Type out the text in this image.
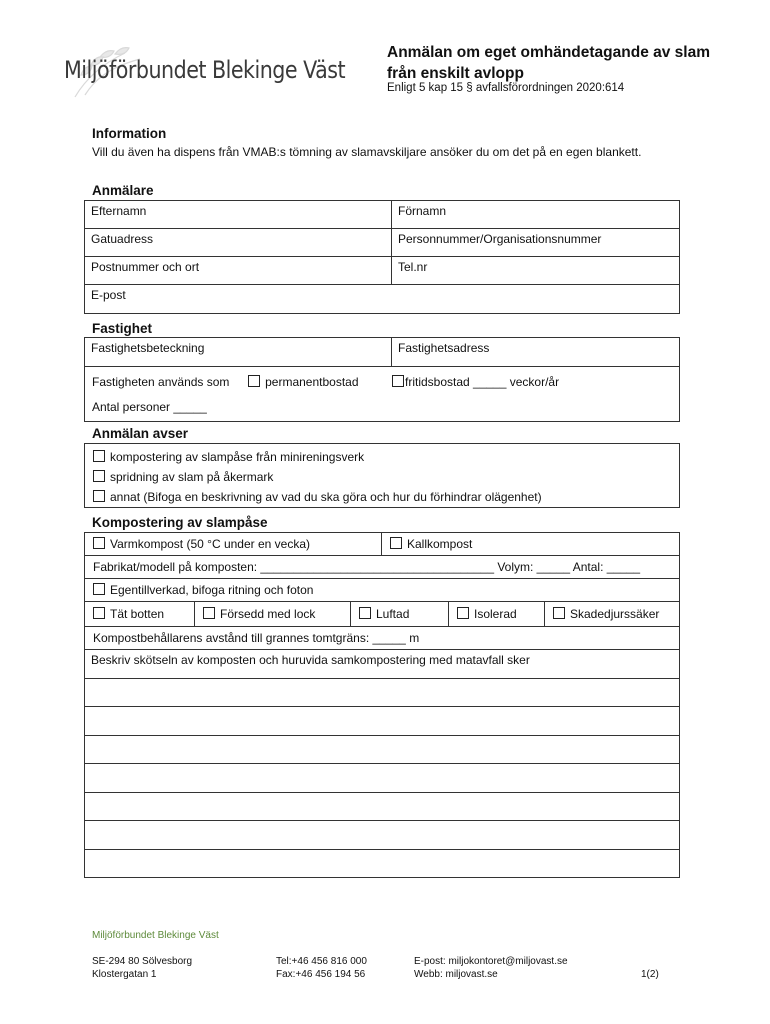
Miljöförbundet Blekinge Väst
Anmälan om eget omhändetagande av slam från enskilt avlopp
Enligt 5 kap 15 § avfallsförordningen 2020:614
Information
Vill du även ha dispens från VMAB:s tömning av slamavskiljare ansöker du om det på en egen blankett.
Anmälare
Efternamn	Förnamn
Gatuadress	Personnummer/Organisationsnummer
Postnummer och ort	Tel.nr
E-post	
Fastighet
Fastighetsbeteckning	Fastighetsadress

Fastigheten används som	permanentbostad	fritidsbostad _____ veckor/år
Antal personer _____
Anmälan avser
kompostering av slampåse från minireningsverk
spridning av slam på åkermark
annat (Bifoga en beskrivning av vad du ska göra och hur du förhindrar olägenhet)
Kompostering av slampåse
Varmkompost (50 °C under en vecka)	Kallkompost
Fabrikat/modell på komposten: ___________________________________ Volym: _____ Antal: _____
Egentillverkad, bifoga ritning och foton
Tät botten	Försedd med lock	Luftad	Isolerad	Skadedjurssäker
Kompostbehållarens avstånd till grannes tomtgräns: _____ m
Beskriv skötseln av komposten och huruvida samkompostering med matavfall sker

Miljöförbundet Blekinge Väst
SE-294 80 Sölvesborg
Klostergatan 1
Tel:+46 456 816 000
Fax:+46 456 194 56
E-post: miljokontoret@miljovast.se
Webb: miljovast.se	1(2)
